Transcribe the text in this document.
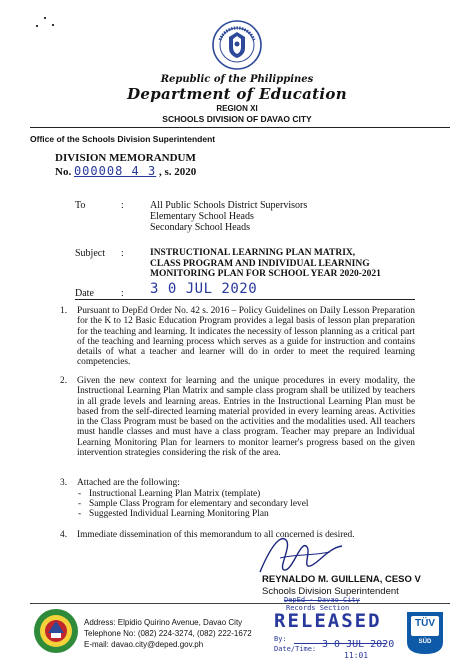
Republic of the Philippines
Department of Education
REGION XI
SCHOOLS DIVISION OF DAVAO CITY
Office of the Schools Division Superintendent
DIVISION MEMORANDUM
No. 000008 4 3 , s. 2020
To	:	All Public Schools District Supervisors
Elementary School Heads
Secondary School Heads
Subject :	INSTRUCTIONAL LEARNING PLAN MATRIX,
CLASS PROGRAM AND INDIVIDUAL LEARNING
MONITORING PLAN FOR SCHOOL YEAR 2020-2021
Date	: 3 0 JUL 2020
1. Pursuant to DepEd Order No. 42 s. 2016 – Policy Guidelines on Daily Lesson Preparation for the K to 12 Basic Education Program provides a legal basis of lesson plan preparation for the teaching and learning. It indicates the necessity of lesson planning as a critical part of the teaching and learning process which serves as a guide for instruction and contains details of what a teacher and learner will do in order to meet the required learning competencies.
2. Given the new context for learning and the unique procedures in every modality, the Instructional Learning Plan Matrix and sample class program shall be utilized by teachers in all grade levels and learning areas. Entries in the Instructional Learning Plan must be based from the self-directed learning material provided in every learning areas. Activities in the Class Program must be based on the activities and the modalities used. All teachers must handle classes and must have a class program. Teacher may prepare an Individual Learning Monitoring Plan for learners to monitor learner's progress based on the given intervention strategies considering the risk of the area.
3. Attached are the following:
- Instructional Learning Plan Matrix (template)
- Sample Class Program for elementary and secondary level
- Suggested Individual Learning Monitoring Plan
4. Immediate dissemination of this memorandum to all concerned is desired.
REYNALDO M. GUILLENA, CESO V
Schools Division Superintendent
Address: Elpidio Quirino Avenue, Davao City
Telephone No: (082) 224-3274, (082) 222-1672
E-mail: davao.city@deped.gov.ph
DepEd - Davao City
Records Section
RELEASED
By:
Date/Time: 3 0 JUL 2020
11:01
TÜV
SÜD
